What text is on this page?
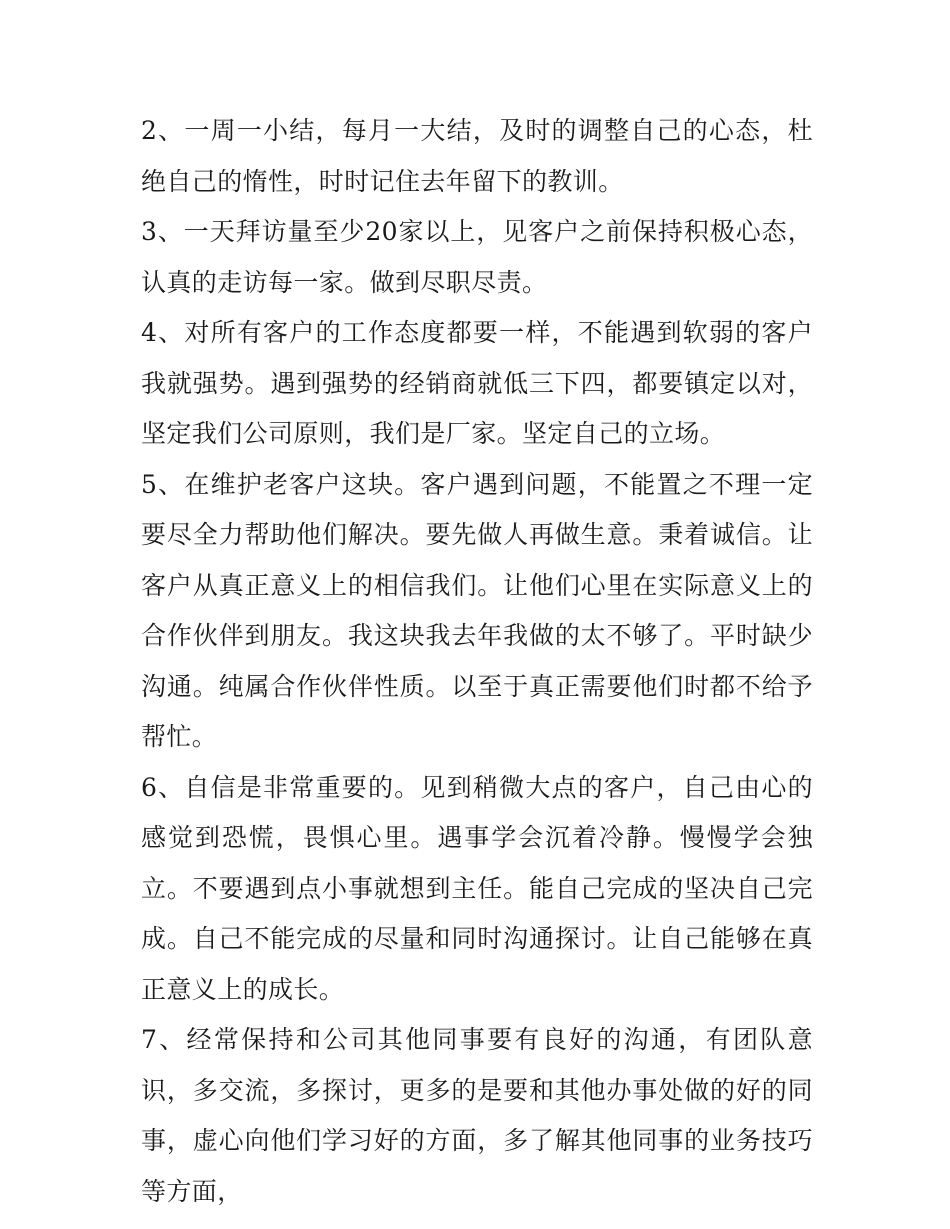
2、一周一小结，每月一大结，及时的调整自己的心态，杜绝自己的惰性，时时记住去年留下的教训。

3、一天拜访量至少20家以上，见客户之前保持积极心态，认真的走访每一家。做到尽职尽责。

4、对所有客户的工作态度都要一样，不能遇到软弱的客户我就强势。遇到强势的经销商就低三下四，都要镇定以对，坚定我们公司原则，我们是厂家。坚定自己的立场。

5、在维护老客户这块。客户遇到问题，不能置之不理一定要尽全力帮助他们解决。要先做人再做生意。秉着诚信。让客户从真正意义上的相信我们。让他们心里在实际意义上的合作伙伴到朋友。我这块我去年我做的太不够了。平时缺少沟通。纯属合作伙伴性质。以至于真正需要他们时都不给予帮忙。

6、自信是非常重要的。见到稍微大点的客户，自己由心的感觉到恐慌，畏惧心里。遇事学会沉着冷静。慢慢学会独立。不要遇到点小事就想到主任。能自己完成的坚决自己完成。自己不能完成的尽量和同时沟通探讨。让自己能够在真正意义上的成长。

7、经常保持和公司其他同事要有良好的沟通，有团队意识，多交流，多探讨，更多的是要和其他办事处做的好的同事，虚心向他们学习好的方面，多了解其他同事的业务技巧等方面，
